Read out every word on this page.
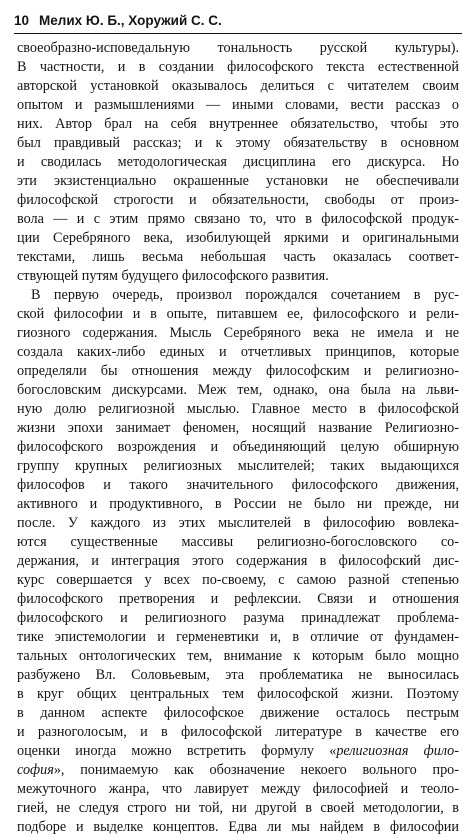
10 Мелих Ю. Б., Хоружий С. С.
своеобразно-исповедальную тональность русской культуры).
В частности, и в создании философского текста естественной
авторской установкой оказывалось делиться с читателем своим
опытом и размышлениями — иными словами, вести рассказ о
них. Автор брал на себя внутреннее обязательство, чтобы это
был правдивый рассказ; и к этому обязательству в основном
и сводилась методологическая дисциплина его дискурса. Но
эти экзистенциально окрашенные установки не обеспечивали
философской строгости и обязательности, свободы от произ-
вола — и с этим прямо связано то, что в философской продук-
ции Серебряного века, изобилующей яркими и оригинальными
текстами, лишь весьма небольшая часть оказалась соответ-
ствующей путям будущего философского развития.
В первую очередь, произвол порождался сочетанием в рус-
ской философии и в опыте, питавшем ее, философского и рели-
гиозного содержания. Мысль Серебряного века не имела и не
создала каких-либо единых и отчетливых принципов, которые
определяли бы отношения между философским и религиозно-
богословским дискурсами. Меж тем, однако, она была на льви-
ную долю религиозной мыслью. Главное место в философской
жизни эпохи занимает феномен, носящий название Религиозно-
философского возрождения и объединяющий целую обширную
группу крупных религиозных мыслителей; таких выдающихся
философов и такого значительного философского движения,
активного и продуктивного, в России не было ни прежде, ни
после. У каждого из этих мыслителей в философию вовлека-
ются существенные массивы религиозно-богословского со-
держания, и интеграция этого содержания в философский дис-
курс совершается у всех по-своему, с самою разной степенью
философского претворения и рефлексии. Связи и отношения
философского и религиозного разума принадлежат проблема-
тике эпистемологии и герменевтики и, в отличие от фундамен-
тальных онтологических тем, внимание к которым было мощно
разбужено Вл. Соловьевым, эта проблематика не выносилась
в круг общих центральных тем философской жизни. Поэтому
в данном аспекте философское движение осталось пестрым
и разноголосым, и в философской литературе в качестве его
оценки иногда можно встретить формулу «религиозная фило-
софия», понимаемую как обозначение некоего вольного про-
межуточного жанра, что лавирует между философией и теоло-
гией, не следуя строго ни той, ни другой в своей методологии, в
подборе и выделке концептов. Едва ли мы найдем в философии
